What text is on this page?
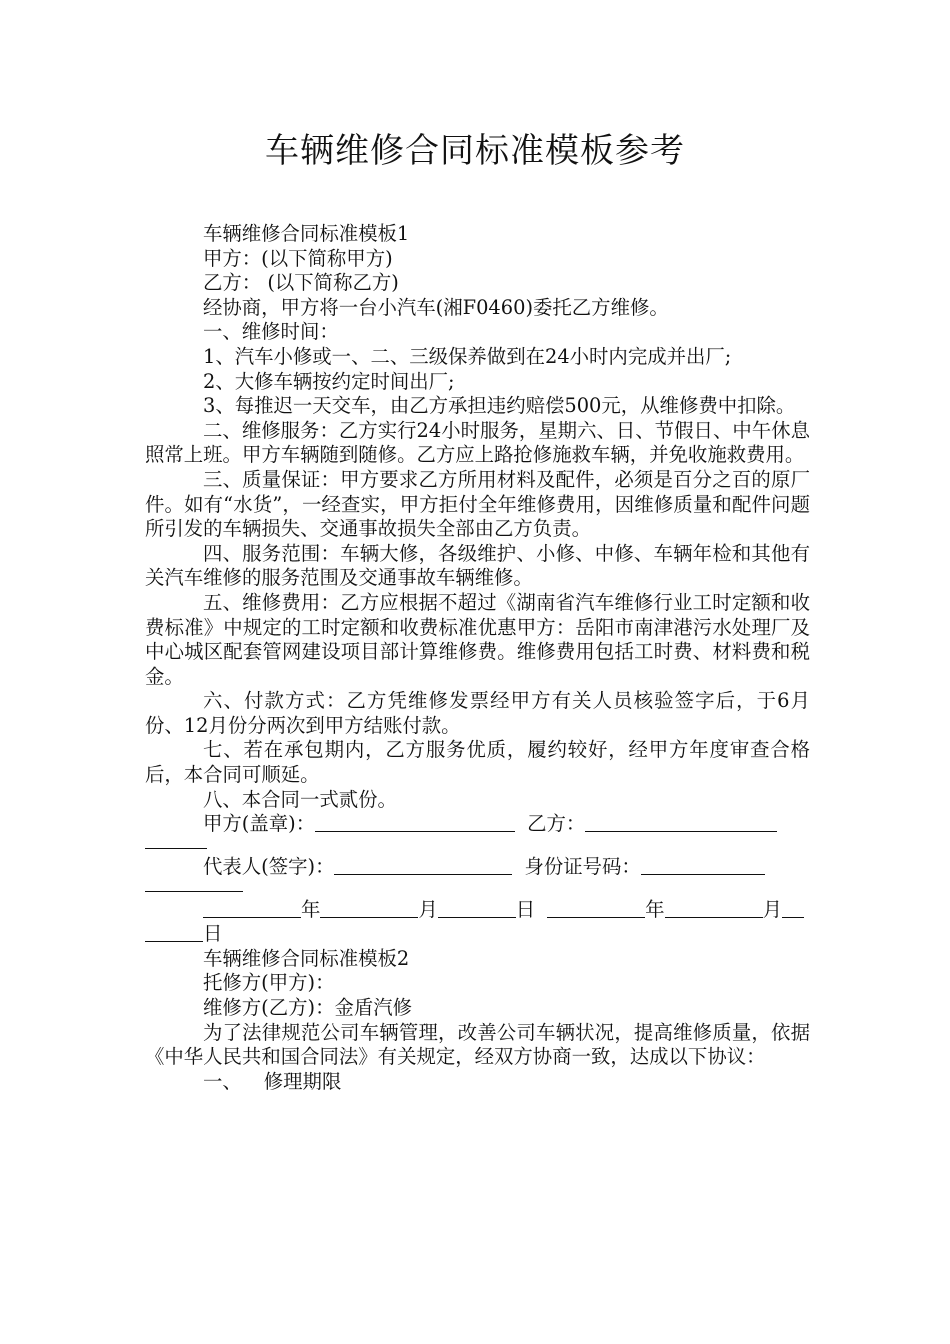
车辆维修合同标准模板参考

车辆维修合同标准模板1

甲方：(以下简称甲方)

乙方： (以下简称乙方)

经协商，甲方将一台小汽车(湘F0460)委托乙方维修。

一、维修时间：

1、汽车小修或一、二、三级保养做到在24小时内完成并出厂;

2、大修车辆按约定时间出厂;

3、每推迟一天交车，由乙方承担违约赔偿500元，从维修费中扣除。

二、维修服务：乙方实行24小时服务，星期六、日、节假日、中午休息照常上班。甲方车辆随到随修。乙方应上路抢修施救车辆，并免收施救费用。

三、质量保证：甲方要求乙方所用材料及配件，必须是百分之百的原厂件。如有“水货”，一经查实，甲方拒付全年维修费用，因维修质量和配件问题所引发的车辆损失、交通事故损失全部由乙方负责。

四、服务范围：车辆大修，各级维护、小修、中修、车辆年检和其他有关汽车维修的服务范围及交通事故车辆维修。

五、维修费用：乙方应根据不超过《湖南省汽车维修行业工时定额和收费标准》中规定的工时定额和收费标准优惠甲方：岳阳市南津港污水处理厂及中心城区配套管网建设项目部计算维修费。维修费用包括工时费、材料费和税金。

六、付款方式：乙方凭维修发票经甲方有关人员核验签字后，于6月份、12月份分两次到甲方结账付款。

七、若在承包期内，乙方服务优质，履约较好，经甲方年度审查合格后，本合同可顺延。

八、本合同一式贰份。

甲方(盖章)：	乙方：

代表人(签字)：	身份证号码：

年	月	日	年	月

日

车辆维修合同标准模板2

托修方(甲方)：

维修方(乙方)：金盾汽修

为了法律规范公司车辆管理，改善公司车辆状况，提高维修质量，依据《中华人民共和国合同法》有关规定，经双方协商一致，达成以下协议：

一、 修理期限
